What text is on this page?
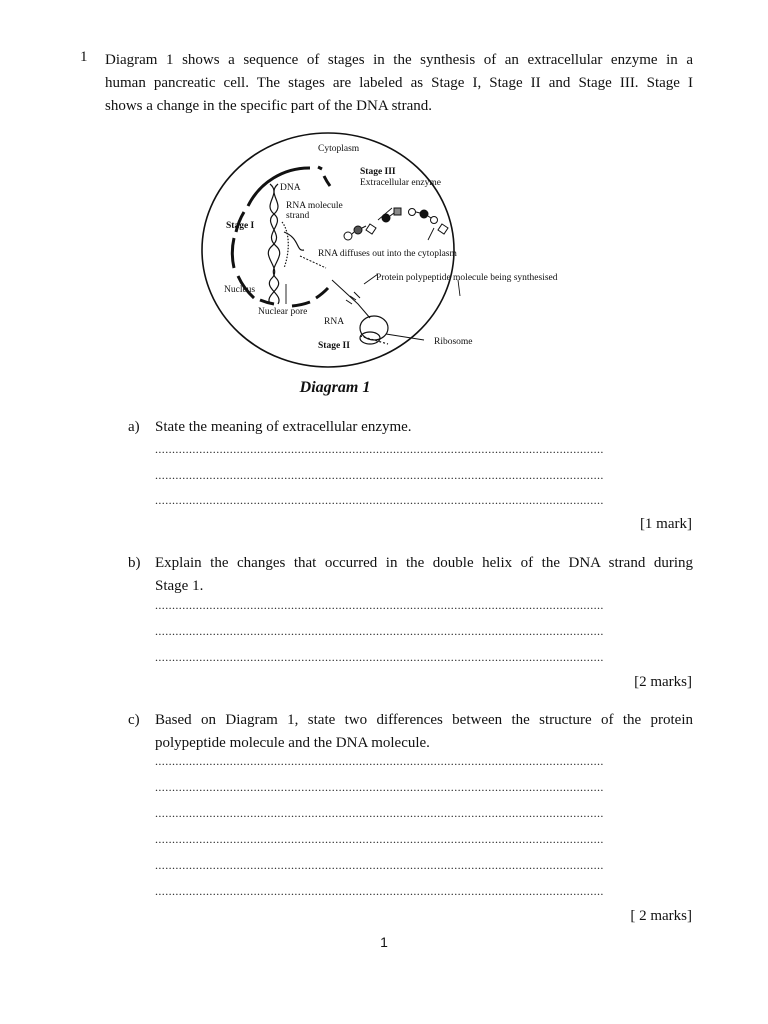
1 Diagram 1 shows a sequence of stages in the synthesis of an extracellular enzyme in a
human pancreatic cell. The stages are labeled as Stage I, Stage II and Stage III. Stage I
shows a change in the specific part of the DNA strand.
Cytoplasm
Stage III
Extracellular enzyme
DNA
RNA molecule
strand
Stage I
RNA diffuses out into the cytoplasm
Protein polypeptide molecule being synthesised
Nucleus
Nuclear pore
RNA
Ribosome
Stage II
Diagram 1
a) State the meaning of extracellular enzyme.
....................................................................................................................................
....................................................................................................................................
....................................................................................................................................
[1 mark]
b) Explain the changes that occurred in the double helix of the DNA strand during
Stage 1.
....................................................................................................................................
....................................................................................................................................
....................................................................................................................................
[2 marks]
c) Based on Diagram 1, state two differences between the structure of the protein
polypeptide molecule and the DNA molecule.
....................................................................................................................................
....................................................................................................................................
....................................................................................................................................
....................................................................................................................................
....................................................................................................................................
....................................................................................................................................
[ 2 marks]
1
